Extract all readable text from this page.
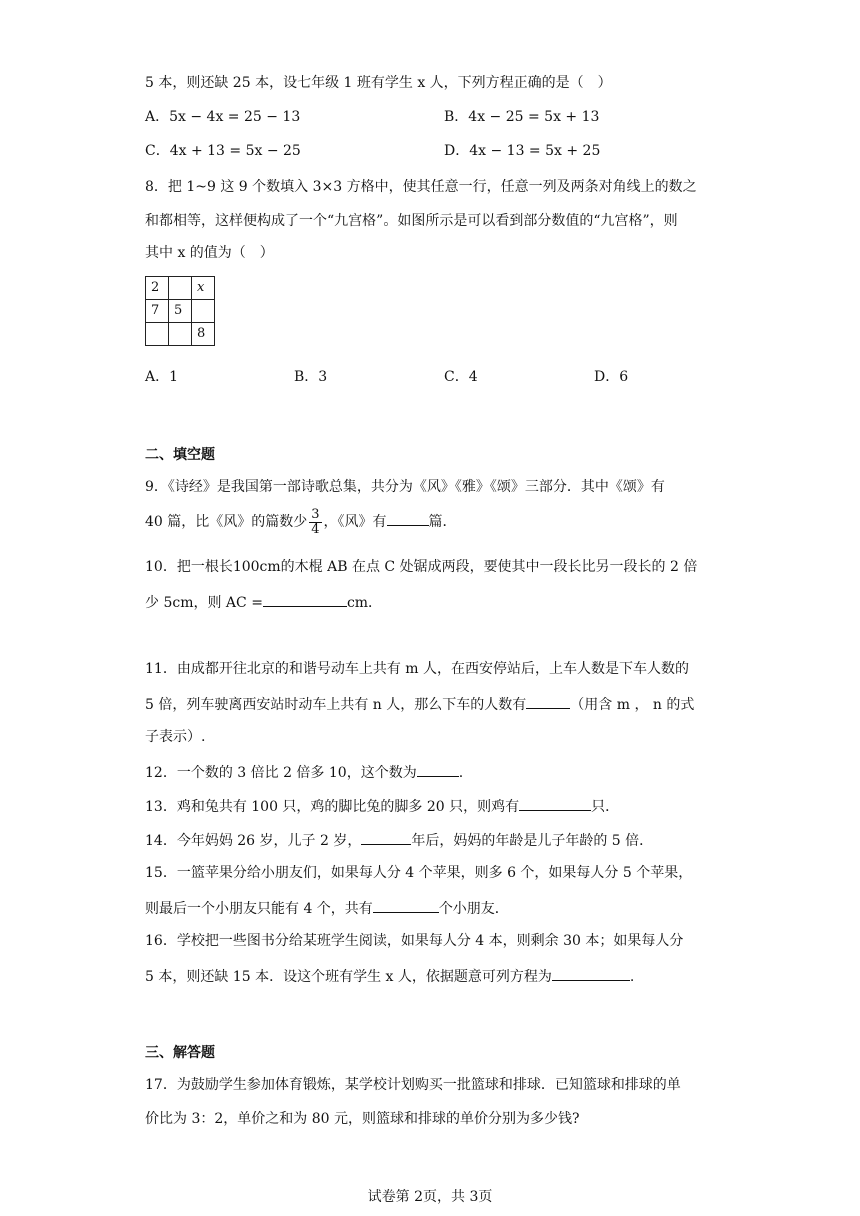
5 本，则还缺 25 本，设七年级 1 班有学生 x 人，下列方程正确的是（　）
A．5x − 4x = 25 − 13	B．4x − 25 = 5x + 13
C．4x + 13 = 5x − 25	D．4x − 13 = 5x + 25
8．把 1~9 这 9 个数填入 3×3 方格中，使其任意一行，任意一列及两条对角线上的数之
和都相等，这样便构成了一个“九宫格”。如图所示是可以看到部分数值的“九宫格”，则
其中 x 的值为（　）
2		x
7	5	
		8
A．1	B．3	C．4	D．6
二、填空题
9．《诗经》是我国第一部诗歌总集，共分为《风》《雅》《颂》三部分．其中《颂》有
40 篇，比《风》的篇数少 $\frac{3}{4}$ ，《风》有	篇．
10．把一根长100cm的木棍 AB 在点 C 处锯成两段，要使其中一段长比另一段长的 2 倍
少 5cm，则 AC =	cm．
11．由成都开往北京的和谐号动车上共有 m 人，在西安停站后，上车人数是下车人数的
5 倍，列车驶离西安站时动车上共有 n 人，那么下车的人数有	（用含 m ， n 的式
子表示）.
12．一个数的 3 倍比 2 倍多 10，这个数为	.
13．鸡和兔共有 100 只，鸡的脚比兔的脚多 20 只，则鸡有	只．
14．今年妈妈 26 岁，儿子 2 岁，	年后，妈妈的年龄是儿子年龄的 5 倍．
15．一篮苹果分给小朋友们，如果每人分 4 个苹果，则多 6 个，如果每人分 5 个苹果，
则最后一个小朋友只能有 4 个，共有	个小朋友．
16．学校把一些图书分给某班学生阅读，如果每人分 4 本，则剩余 30 本；如果每人分
5 本，则还缺 15 本．设这个班有学生 x 人，依据题意可列方程为	.
三、解答题
17．为鼓励学生参加体育锻炼，某学校计划购买一批篮球和排球．已知篮球和排球的单
价比为 3：2，单价之和为 80 元，则篮球和排球的单价分别为多少钱?
试卷第 2页，共 3页
